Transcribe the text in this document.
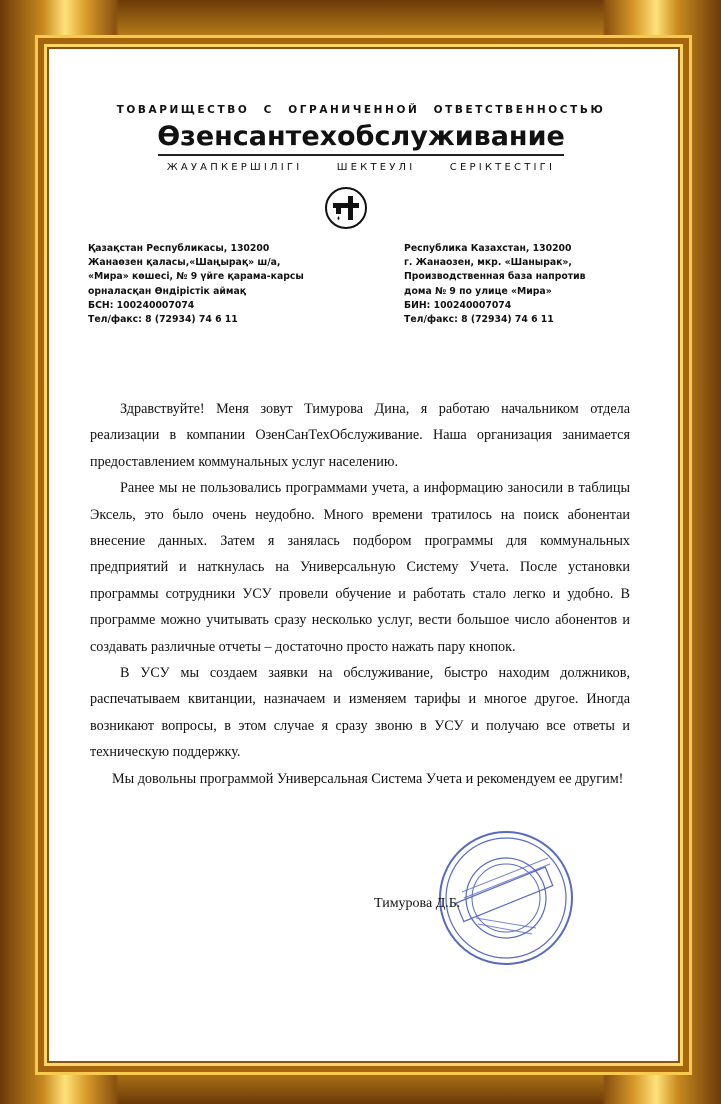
ТОВАРИЩЕСТВО С ОГРАНИЧЕННОЙ ОТВЕТСТВЕННОСТЬЮ
Өзенсантехобслуживание
ЖАУАПКЕРШІЛІГІ ШЕКТЕУЛІ СЕРІКТЕСТІГІ
Қазақстан Республикасы, 130200
Жанаөзен қаласы,«Шаңырақ» ш/а,
«Мира» көшесі, № 9 үйге қарама-карсы
орналасқан Өндірістік аймақ
БСН: 100240007074
Тел/факс: 8 (72934) 74 6 11
Республика Казахстан, 130200
г. Жанаозен, мкр. «Шанырак»,
Производственная база напротив
дома № 9 по улице «Мира»
БИН: 100240007074
Тел/факс: 8 (72934) 74 6 11

Здравствуйте! Меня зовут Тимурова Дина, я работаю начальником отдела реализации в компании ОзенСанТехОбслуживание. Наша организация занимается предоставлением коммунальных услуг населению.

Ранее мы не пользовались программами учета, а информацию заносили в таблицы Эксель, это было очень неудобно. Много времени тратилось на поиск абонентаи внесение данных. Затем я занялась подбором программы для коммунальных предприятий и наткнулась на Универсальную Систему Учета. После установки программы сотрудники УСУ провели обучение и работать стало легко и удобно. В программе можно учитывать сразу несколько услуг, вести большое число абонентов и создавать различные отчеты – достаточно просто нажать пару кнопок.

В УСУ мы создаем заявки на обслуживание, быстро находим должников, распечатываем квитанции, назначаем и изменяем тарифы и многое другое. Иногда возникают вопросы, в этом случае я сразу звоню в УСУ и получаю все ответы и техническую поддержку.

Мы довольны программой Универсальная Система Учета и рекомендуем ее другим!

Тимурова Д.Б.
